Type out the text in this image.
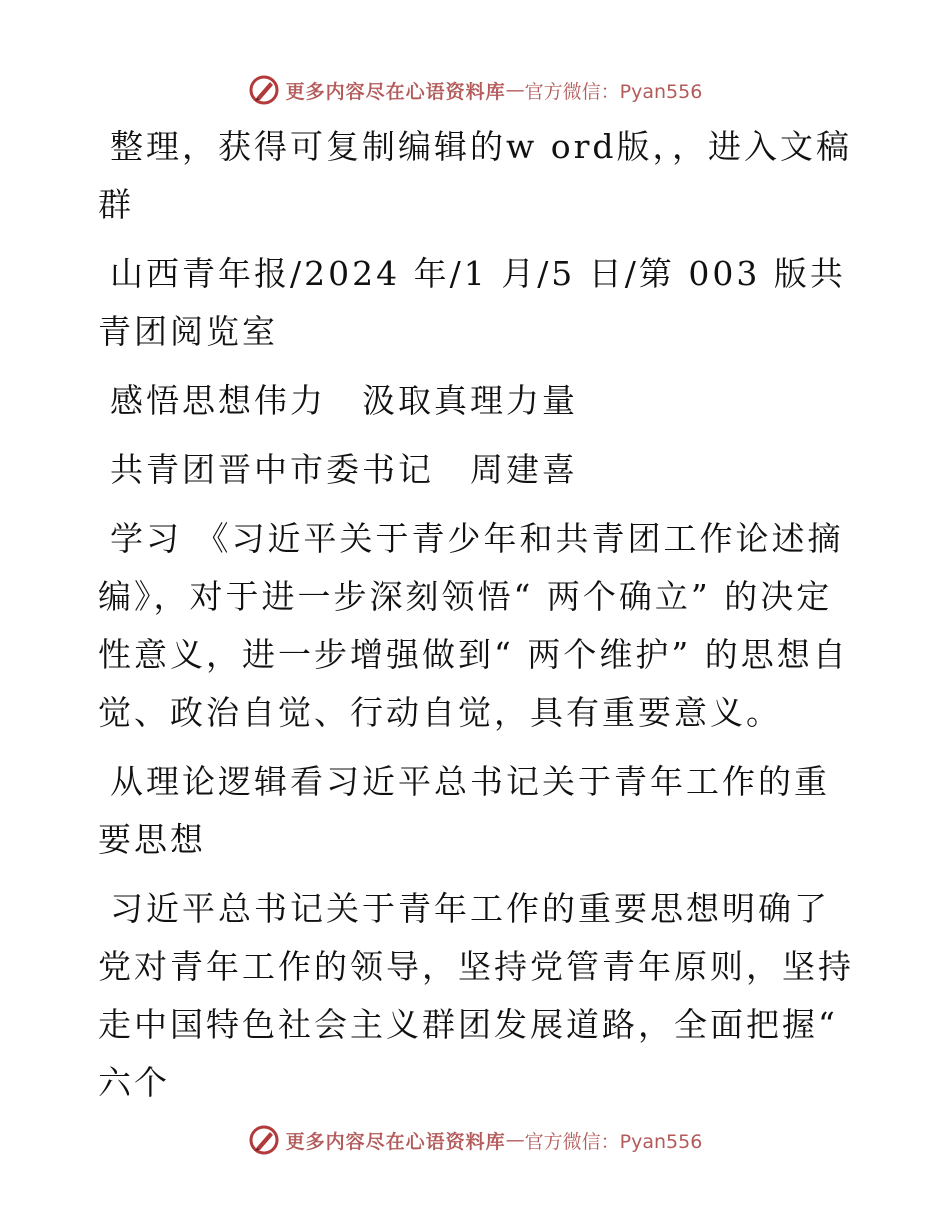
更多内容尽在心语资料库 — 官方微信：Pyan556

整理，获得可复制编辑的w ord版，，进入文稿群

山西青年报/2024 年/1 月/5 日/第 003 版共青团阅览室

感悟思想伟力　汲取真理力量

共青团晋中市委书记　周建喜

学习 《习近平关于青少年和共青团工作论述摘编》，对于进一步深刻领悟“ 两个确立” 的决定性意义，进一步增强做到“ 两个维护” 的思想自觉、政治自觉、行动自觉，具有重要意义。

从理论逻辑看习近平总书记关于青年工作的重要思想

习近平总书记关于青年工作的重要思想明确了党对青年工作的领导，坚持党管青年原则，坚持走中国特色社会主义群团发展道路，全面把握“ 六个

更多内容尽在心语资料库 — 官方微信：Pyan556
